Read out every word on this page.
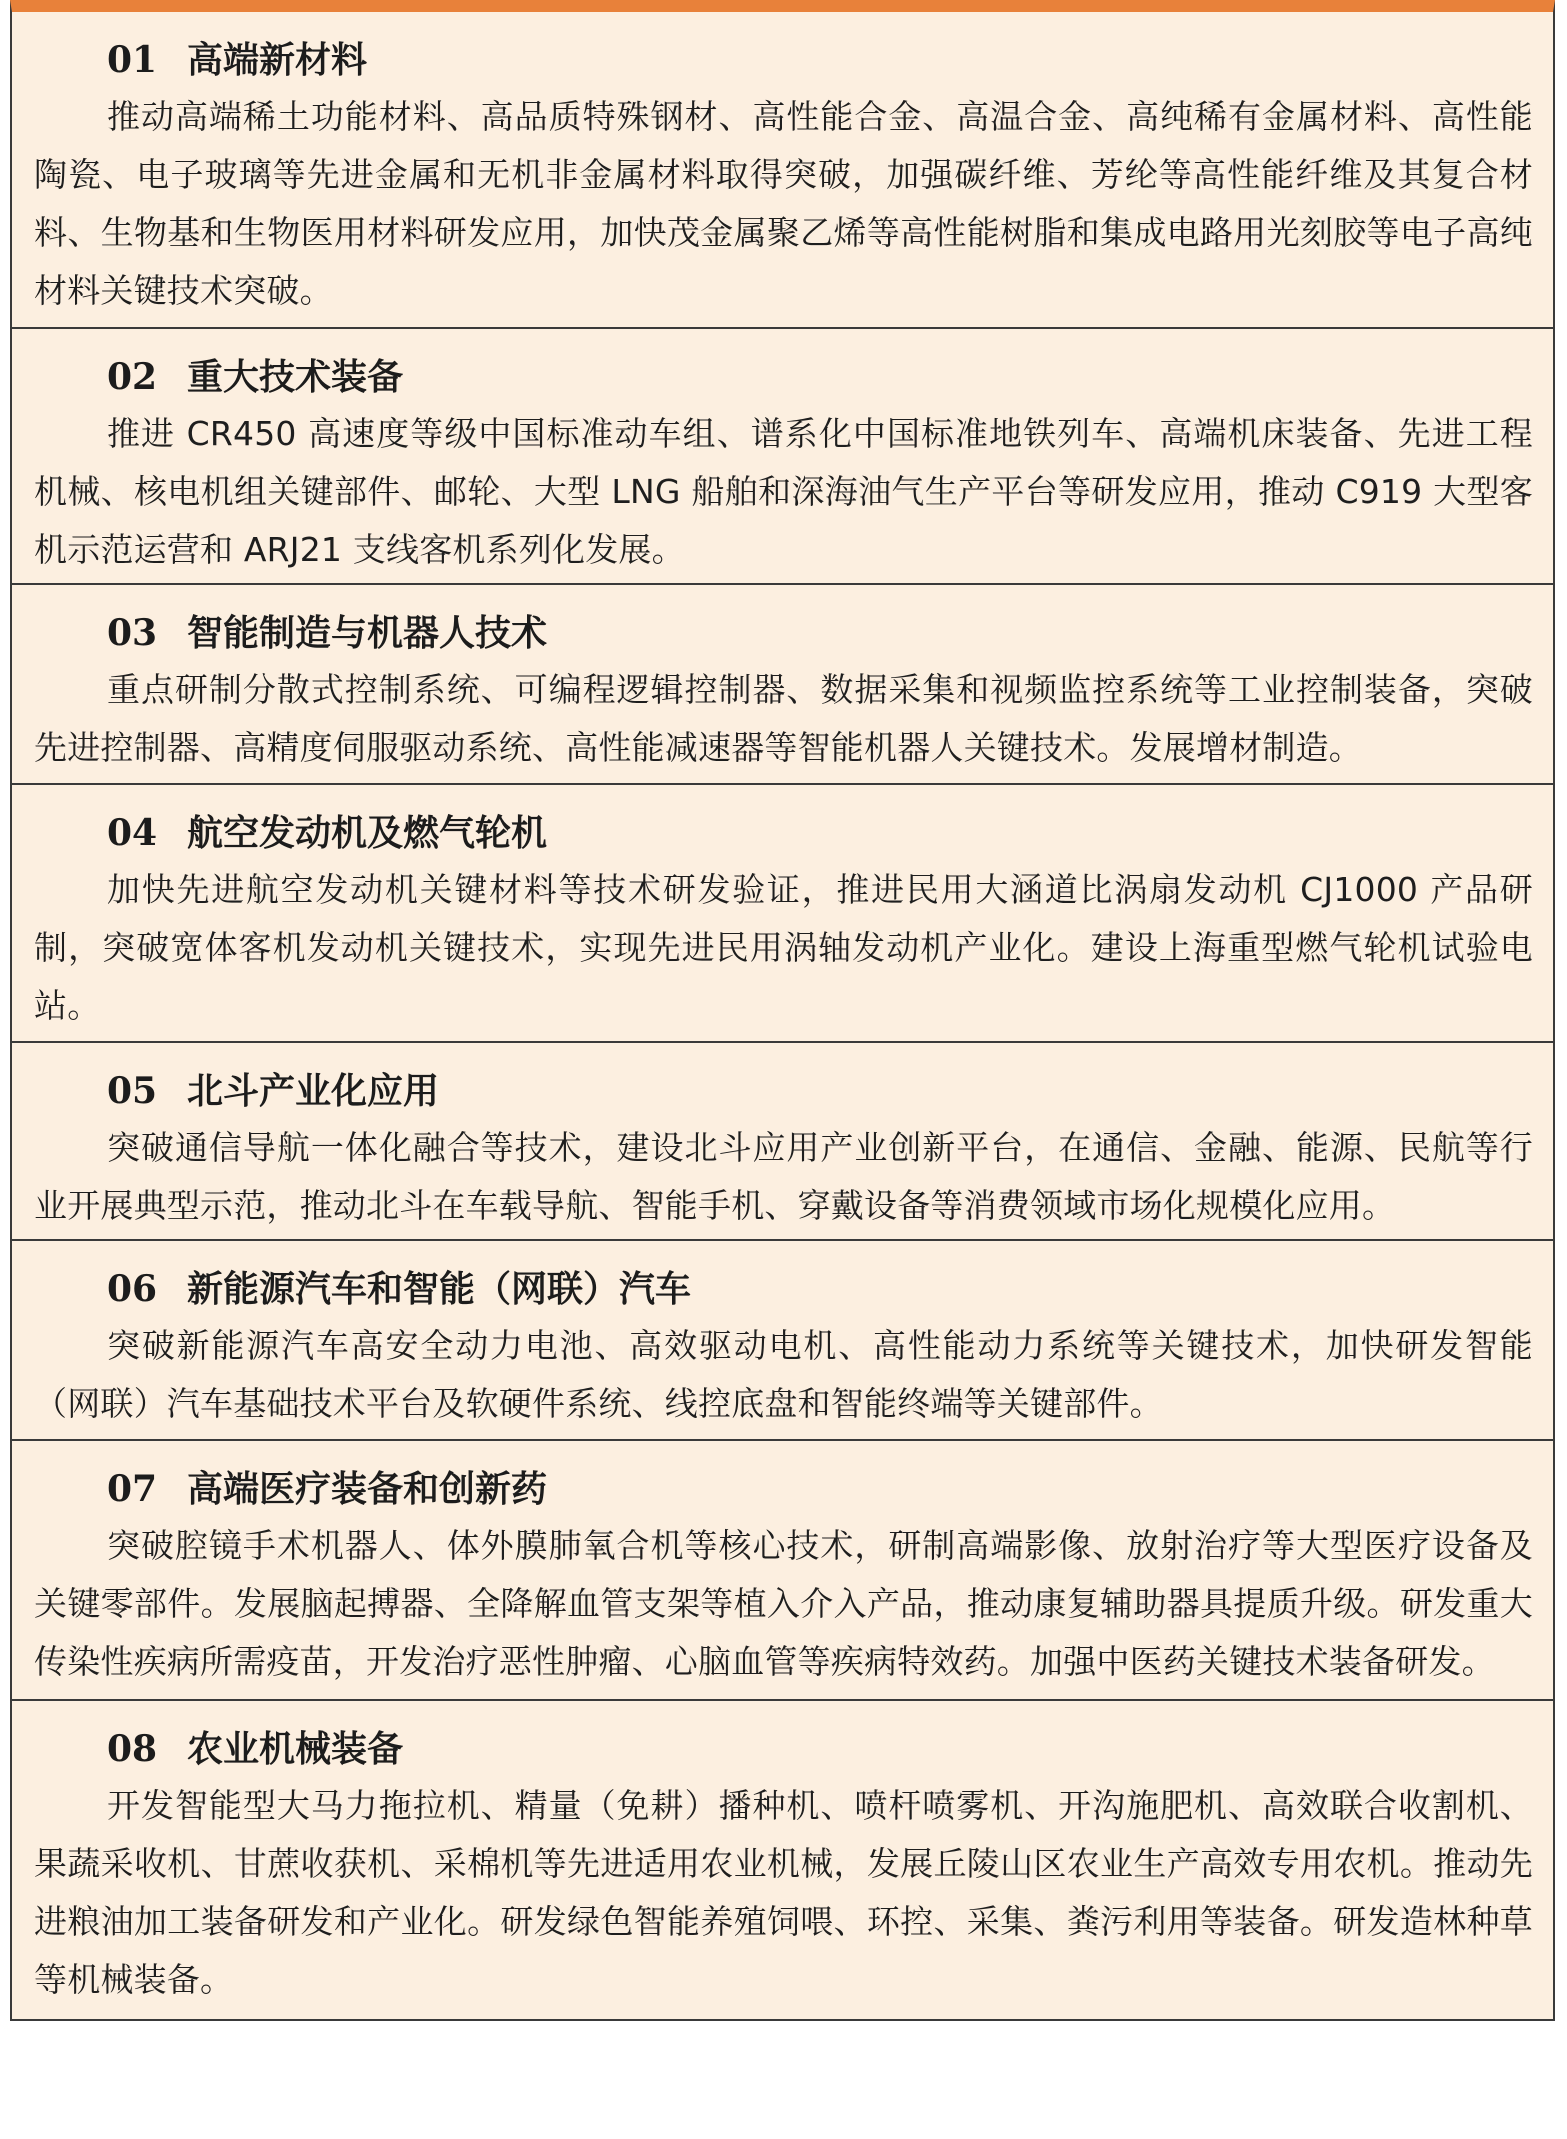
01 高端新材料
推动高端稀土功能材料、高品质特殊钢材、高性能合金、高温合金、高纯稀有金属材料、高性能陶瓷、电子玻璃等先进金属和无机非金属材料取得突破，加强碳纤维、芳纶等高性能纤维及其复合材料、生物基和生物医用材料研发应用，加快茂金属聚乙烯等高性能树脂和集成电路用光刻胶等电子高纯材料关键技术突破。
02 重大技术装备
推进 CR450 高速度等级中国标准动车组、谱系化中国标准地铁列车、高端机床装备、先进工程机械、核电机组关键部件、邮轮、大型 LNG 船舶和深海油气生产平台等研发应用，推动 C919 大型客机示范运营和 ARJ21 支线客机系列化发展。
03 智能制造与机器人技术
重点研制分散式控制系统、可编程逻辑控制器、数据采集和视频监控系统等工业控制装备，突破先进控制器、高精度伺服驱动系统、高性能减速器等智能机器人关键技术。发展增材制造。
04 航空发动机及燃气轮机
加快先进航空发动机关键材料等技术研发验证，推进民用大涵道比涡扇发动机 CJ1000 产品研制，突破宽体客机发动机关键技术，实现先进民用涡轴发动机产业化。建设上海重型燃气轮机试验电站。
05 北斗产业化应用
突破通信导航一体化融合等技术，建设北斗应用产业创新平台，在通信、金融、能源、民航等行业开展典型示范，推动北斗在车载导航、智能手机、穿戴设备等消费领域市场化规模化应用。
06 新能源汽车和智能（网联）汽车
突破新能源汽车高安全动力电池、高效驱动电机、高性能动力系统等关键技术，加快研发智能（网联）汽车基础技术平台及软硬件系统、线控底盘和智能终端等关键部件。
07 高端医疗装备和创新药
突破腔镜手术机器人、体外膜肺氧合机等核心技术，研制高端影像、放射治疗等大型医疗设备及关键零部件。发展脑起搏器、全降解血管支架等植入介入产品，推动康复辅助器具提质升级。研发重大传染性疾病所需疫苗，开发治疗恶性肿瘤、心脑血管等疾病特效药。加强中医药关键技术装备研发。
08 农业机械装备
开发智能型大马力拖拉机、精量（免耕）播种机、喷杆喷雾机、开沟施肥机、高效联合收割机、果蔬采收机、甘蔗收获机、采棉机等先进适用农业机械，发展丘陵山区农业生产高效专用农机。推动先进粮油加工装备研发和产业化。研发绿色智能养殖饲喂、环控、采集、粪污利用等装备。研发造林种草等机械装备。
